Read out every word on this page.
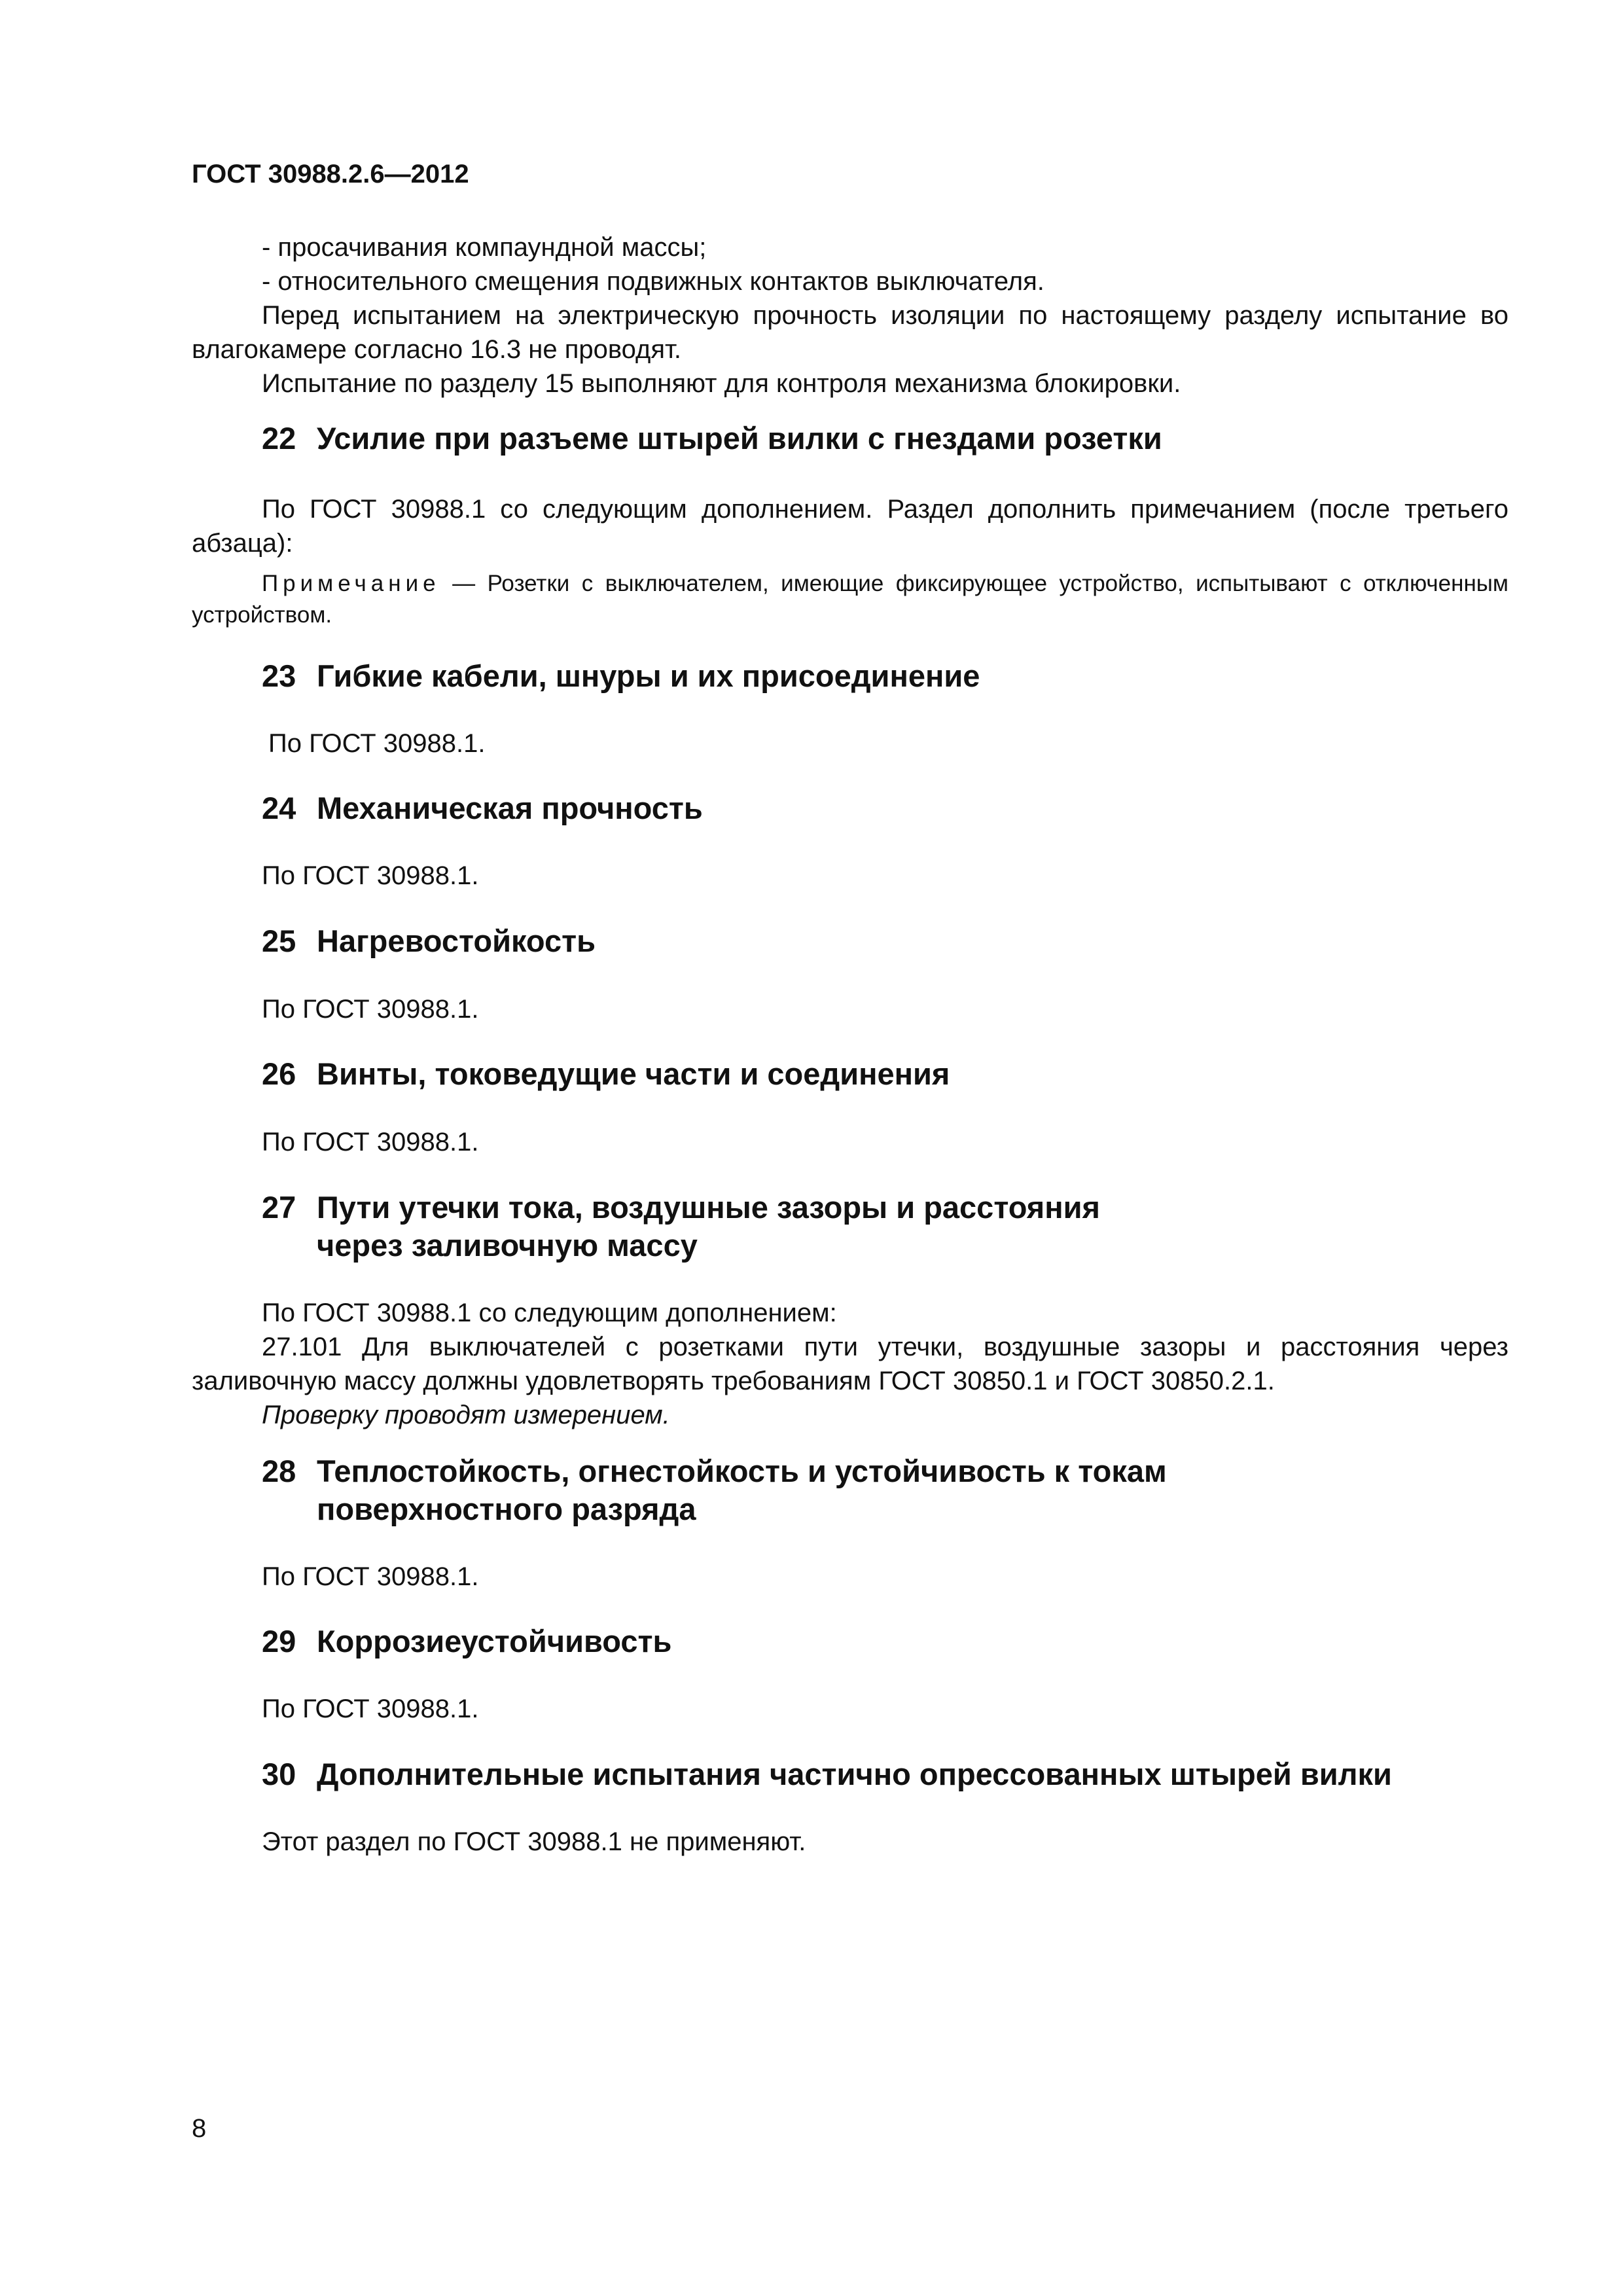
ГОСТ 30988.2.6—2012
- просачивания компаундной массы;
- относительного смещения подвижных контактов выключателя.
Перед испытанием на электрическую прочность изоляции по настоящему разделу испытание во влагокамере согласно 16.3 не проводят.
Испытание по разделу 15 выполняют для контроля механизма блокировки.
22 Усилие при разъеме штырей вилки с гнездами розетки
По ГОСТ 30988.1 со следующим дополнением. Раздел дополнить примечанием (после третьего абзаца):
Примечание — Розетки с выключателем, имеющие фиксирующее устройство, испытывают с отключенным устройством.
23 Гибкие кабели, шнуры и их присоединение
По ГОСТ 30988.1.
24 Механическая прочность
По ГОСТ 30988.1.
25 Нагревостойкость
По ГОСТ 30988.1.
26 Винты, токоведущие части и соединения
По ГОСТ 30988.1.
27 Пути утечки тока, воздушные зазоры и расстояния
через заливочную массу
По ГОСТ 30988.1 со следующим дополнением:
27.101 Для выключателей с розетками пути утечки, воздушные зазоры и расстояния через заливочную массу должны удовлетворять требованиям ГОСТ 30850.1 и ГОСТ 30850.2.1.
Проверку проводят измерением.
28 Теплостойкость, огнестойкость и устойчивость к токам
поверхностного разряда
По ГОСТ 30988.1.
29 Коррозиеустойчивость
По ГОСТ 30988.1.
30 Дополнительные испытания частично опрессованных штырей вилки
Этот раздел по ГОСТ 30988.1 не применяют.
8
